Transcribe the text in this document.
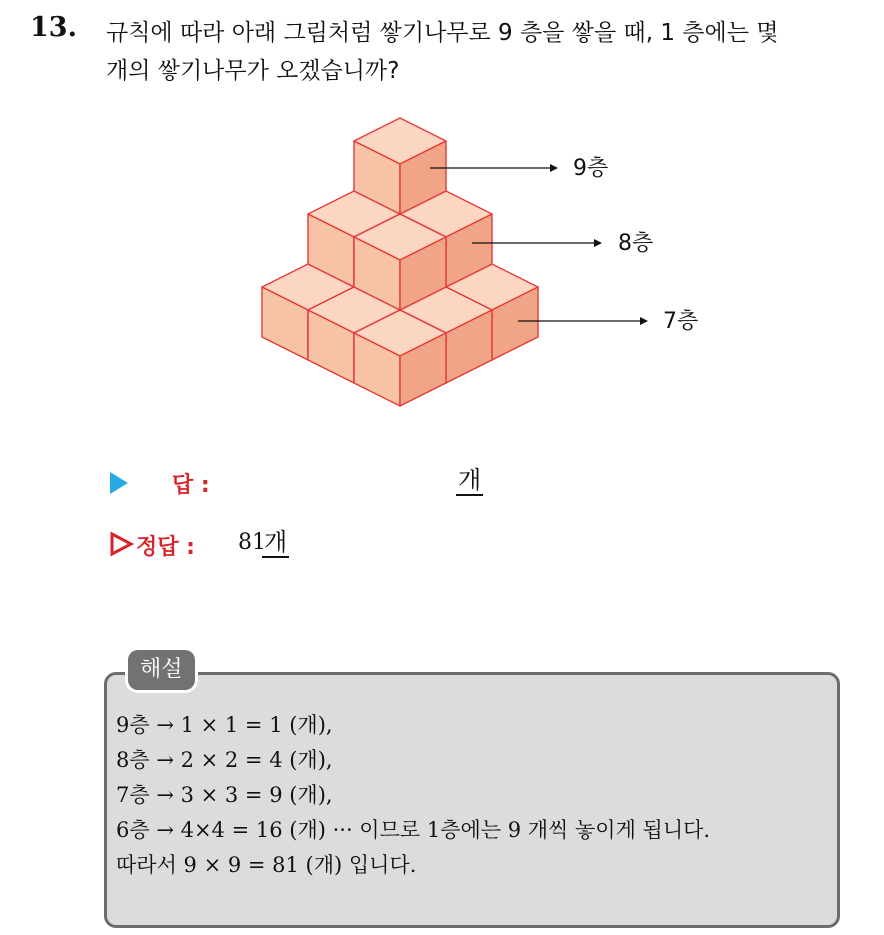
13. 규칙에 따라 아래 그림처럼 쌓기나무로 9 층을 쌓을 때, 1 층에는 몇
개의 쌓기나무가 오겠습니까?
9층
8층
7층
답 :	개
정답 : 81
개
해설
9층 → 1 × 1 = 1 (개),
8층 → 2 × 2 = 4 (개),
7층 → 3 × 3 = 9 (개),
6층 → 4×4 = 16 (개) ··· 이므로 1층에는 9 개씩 놓이게 됩니다.
따라서 9 × 9 = 81 (개) 입니다.
